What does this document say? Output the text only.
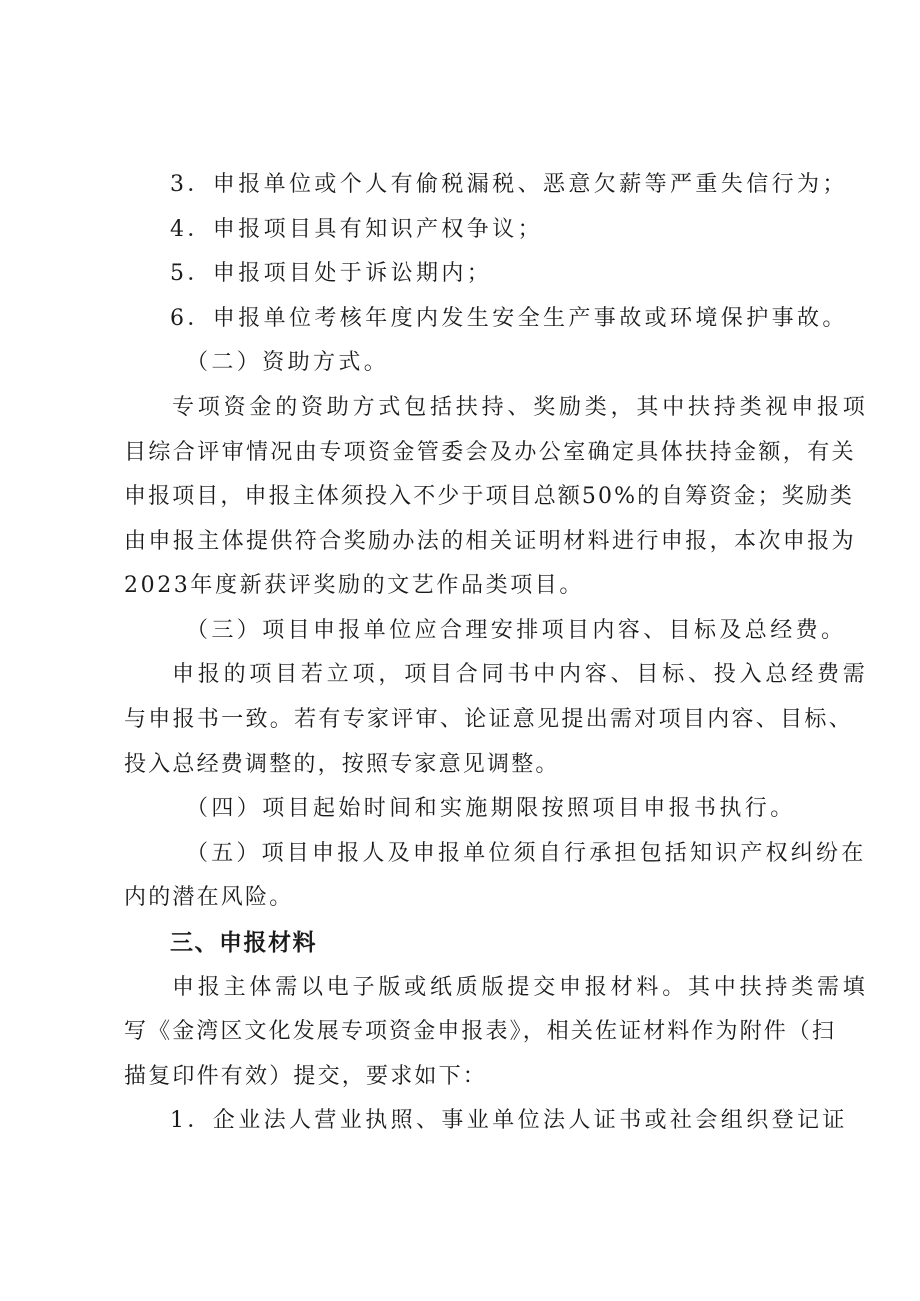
3．申报单位或个人有偷税漏税、恶意欠薪等严重失信行为；
4．申报项目具有知识产权争议；
5．申报项目处于诉讼期内；
6．申报单位考核年度内发生安全生产事故或环境保护事故。
（二）资助方式。
专项资金的资助方式包括扶持、奖励类，其中扶持类视申报项
目综合评审情况由专项资金管委会及办公室确定具体扶持金额，有关
申报项目，申报主体须投入不少于项目总额50%的自筹资金；奖励类
由申报主体提供符合奖励办法的相关证明材料进行申报，本次申报为
2023年度新获评奖励的文艺作品类项目。
（三）项目申报单位应合理安排项目内容、目标及总经费。
申报的项目若立项，项目合同书中内容、目标、投入总经费需
与申报书一致。若有专家评审、论证意见提出需对项目内容、目标、
投入总经费调整的，按照专家意见调整。
（四）项目起始时间和实施期限按照项目申报书执行。
（五）项目申报人及申报单位须自行承担包括知识产权纠纷在
内的潜在风险。
三、申报材料
申报主体需以电子版或纸质版提交申报材料。其中扶持类需填
写《金湾区文化发展专项资金申报表》，相关佐证材料作为附件（扫
描复印件有效）提交，要求如下：
1．企业法人营业执照、事业单位法人证书或社会组织登记证
